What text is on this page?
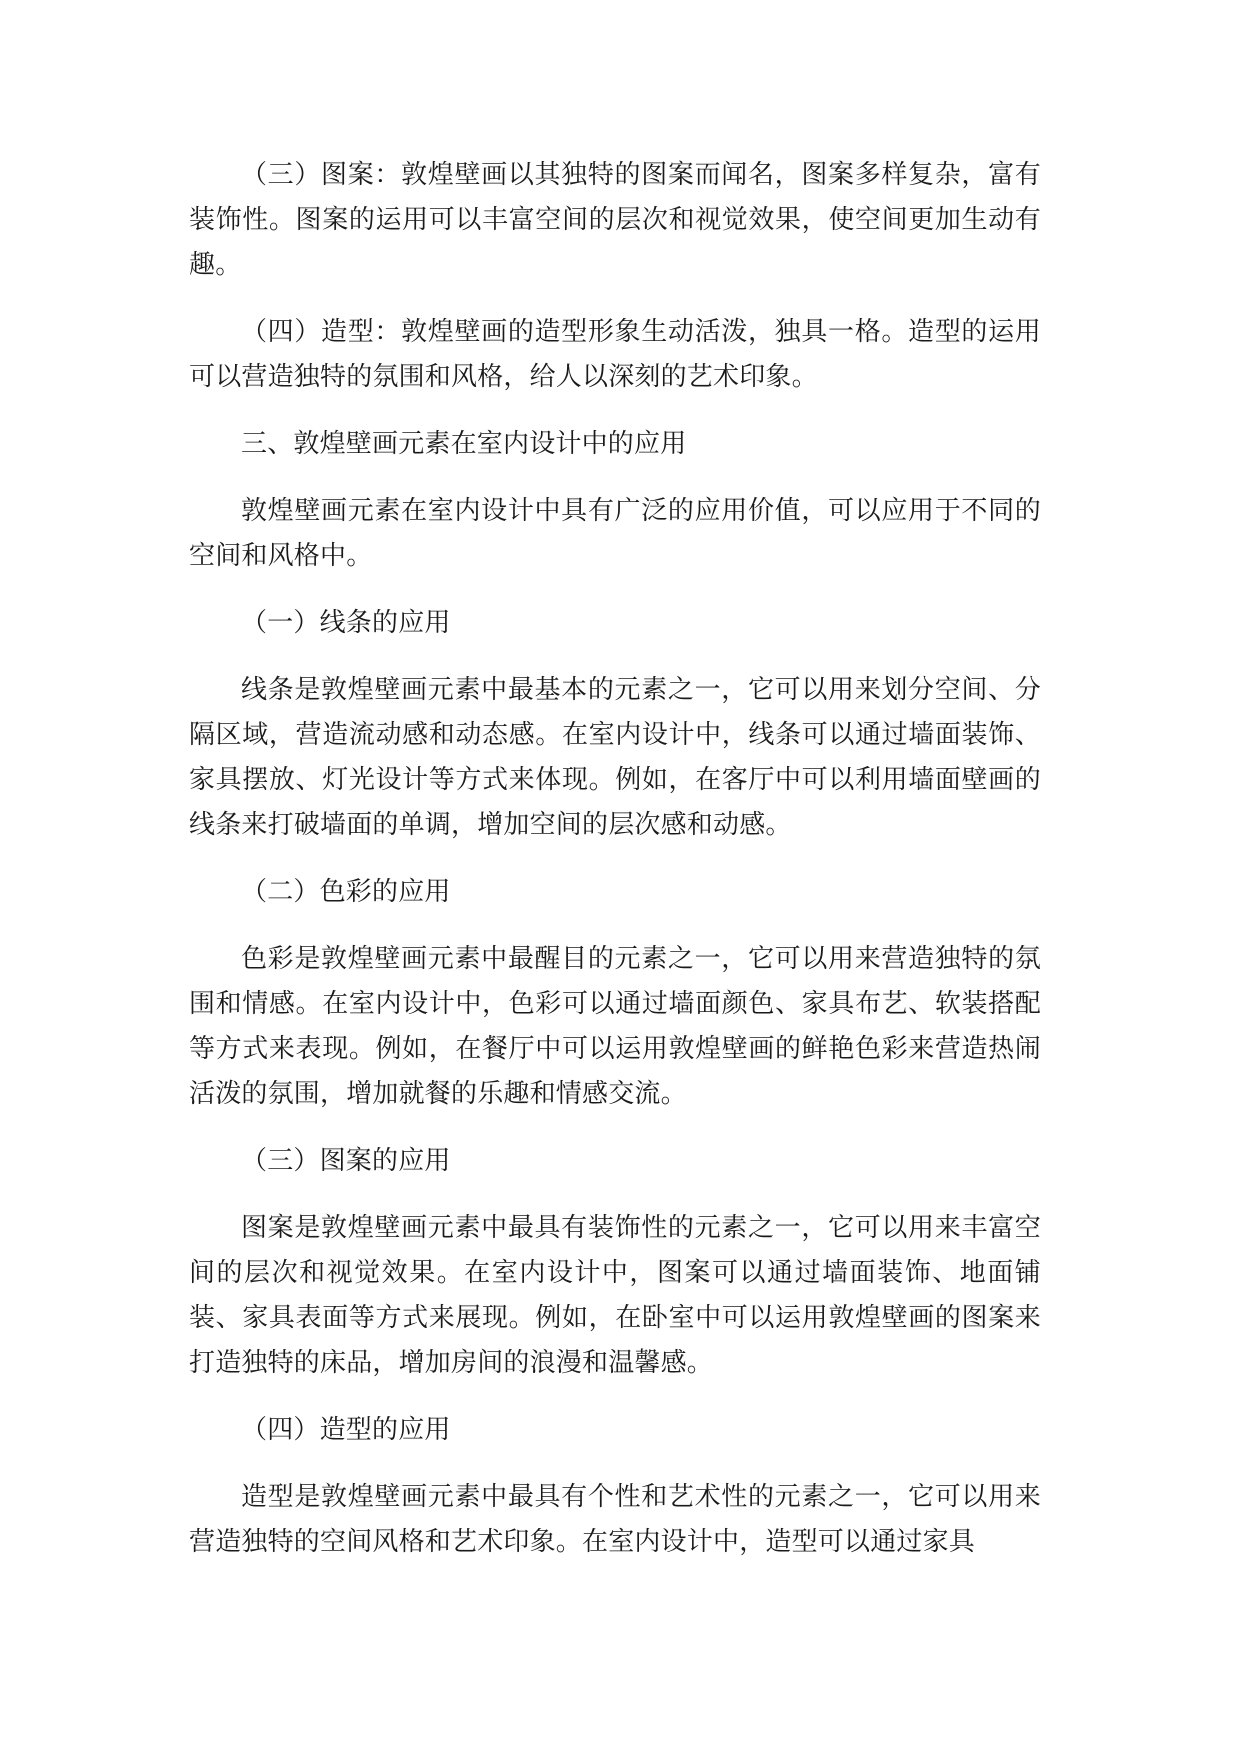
（三）图案：敦煌壁画以其独特的图案而闻名，图案多样复杂，富有装饰性。图案的运用可以丰富空间的层次和视觉效果，使空间更加生动有趣。

（四）造型：敦煌壁画的造型形象生动活泼，独具一格。造型的运用可以营造独特的氛围和风格，给人以深刻的艺术印象。

三、敦煌壁画元素在室内设计中的应用

敦煌壁画元素在室内设计中具有广泛的应用价值，可以应用于不同的空间和风格中。

（一）线条的应用

线条是敦煌壁画元素中最基本的元素之一，它可以用来划分空间、分隔区域，营造流动感和动态感。在室内设计中，线条可以通过墙面装饰、家具摆放、灯光设计等方式来体现。例如，在客厅中可以利用墙面壁画的线条来打破墙面的单调，增加空间的层次感和动感。

（二）色彩的应用

色彩是敦煌壁画元素中最醒目的元素之一，它可以用来营造独特的氛围和情感。在室内设计中，色彩可以通过墙面颜色、家具布艺、软装搭配等方式来表现。例如，在餐厅中可以运用敦煌壁画的鲜艳色彩来营造热闹活泼的氛围，增加就餐的乐趣和情感交流。

（三）图案的应用

图案是敦煌壁画元素中最具有装饰性的元素之一，它可以用来丰富空间的层次和视觉效果。在室内设计中，图案可以通过墙面装饰、地面铺装、家具表面等方式来展现。例如，在卧室中可以运用敦煌壁画的图案来打造独特的床品，增加房间的浪漫和温馨感。

（四）造型的应用

造型是敦煌壁画元素中最具有个性和艺术性的元素之一，它可以用来营造独特的空间风格和艺术印象。在室内设计中，造型可以通过家具
